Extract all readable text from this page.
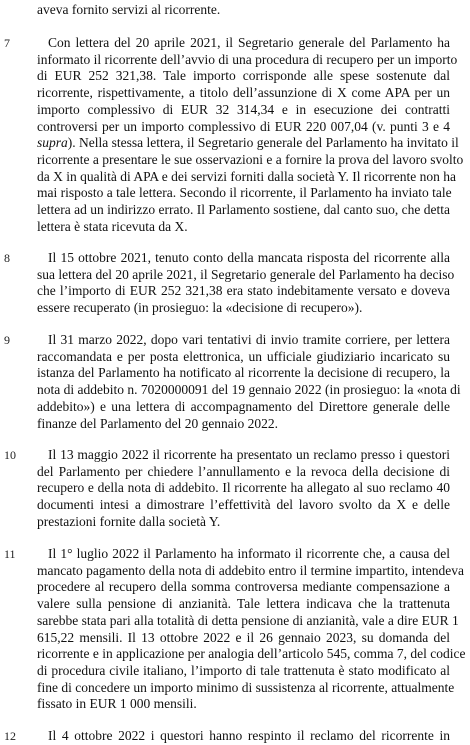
aveva fornito servizi al ricorrente.
7	Con lettera del 20 aprile 2021, il Segretario generale del Parlamento ha
informato il ricorrente dell’avvio di una procedura di recupero per un importo
di EUR 252 321,38. Tale importo corrisponde alle spese sostenute dal
ricorrente, rispettivamente, a titolo dell’assunzione di X come APA per un
importo complessivo di EUR 32 314,34 e in esecuzione dei contratti
controversi per un importo complessivo di EUR 220 007,04 (v. punti 3 e 4
supra). Nella stessa lettera, il Segretario generale del Parlamento ha invitato il
ricorrente a presentare le sue osservazioni e a fornire la prova del lavoro svolto
da X in qualità di APA e dei servizi forniti dalla società Y. Il ricorrente non ha
mai risposto a tale lettera. Secondo il ricorrente, il Parlamento ha inviato tale
lettera ad un indirizzo errato. Il Parlamento sostiene, dal canto suo, che detta
lettera è stata ricevuta da X.
8	Il 15 ottobre 2021, tenuto conto della mancata risposta del ricorrente alla
sua lettera del 20 aprile 2021, il Segretario generale del Parlamento ha deciso
che l’importo di EUR 252 321,38 era stato indebitamente versato e doveva
essere recuperato (in prosieguo: la «decisione di recupero»).
9	Il 31 marzo 2022, dopo vari tentativi di invio tramite corriere, per lettera
raccomandata e per posta elettronica, un ufficiale giudiziario incaricato su
istanza del Parlamento ha notificato al ricorrente la decisione di recupero, la
nota di addebito n. 7020000091 del 19 gennaio 2022 (in prosieguo: la «nota di
addebito») e una lettera di accompagnamento del Direttore generale delle
finanze del Parlamento del 20 gennaio 2022.
10	Il 13 maggio 2022 il ricorrente ha presentato un reclamo presso i questori
del Parlamento per chiedere l’annullamento e la revoca della decisione di
recupero e della nota di addebito. Il ricorrente ha allegato al suo reclamo 40
documenti intesi a dimostrare l’effettività del lavoro svolto da X e delle
prestazioni fornite dalla società Y.
11	Il 1° luglio 2022 il Parlamento ha informato il ricorrente che, a causa del
mancato pagamento della nota di addebito entro il termine impartito, intendeva
procedere al recupero della somma controversa mediante compensazione a
valere sulla pensione di anzianità. Tale lettera indicava che la trattenuta
sarebbe stata pari alla totalità di detta pensione di anzianità, vale a dire EUR 1
615,22 mensili. Il 13 ottobre 2022 e il 26 gennaio 2023, su domanda del
ricorrente e in applicazione per analogia dell’articolo 545, comma 7, del codice
di procedura civile italiano, l’importo di tale trattenuta è stato modificato al
fine di concedere un importo minimo di sussistenza al ricorrente, attualmente
fissato in EUR 1 000 mensili.
12	Il 4 ottobre 2022 i questori hanno respinto il reclamo del ricorrente in
